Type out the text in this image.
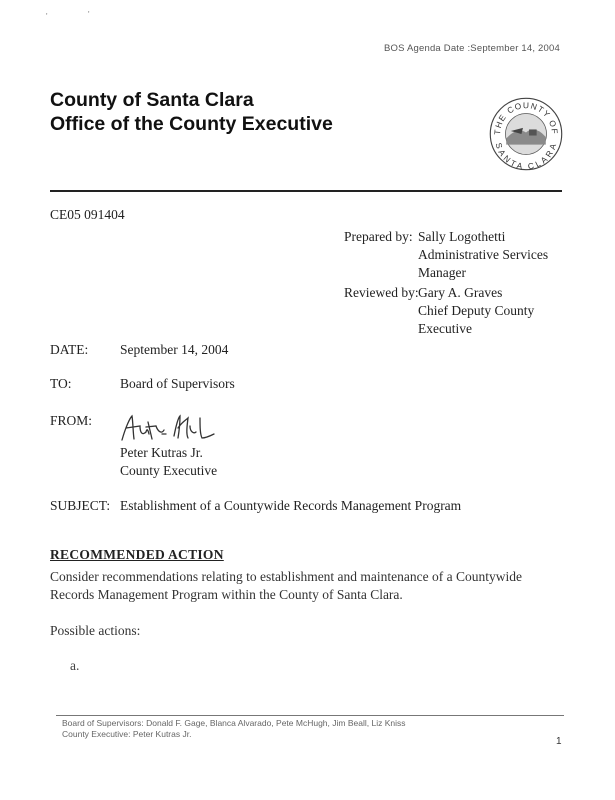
'	'
BOS Agenda Date :September 14, 2004
County of Santa Clara
Office of the County Executive	THE COUNTY OF
SANTA CLARA
CE05 091404
Prepared by: Sally Logothetti
Administrative Services
Manager
Reviewed by: Gary A. Graves
Chief Deputy County
Executive
DATE: September 14, 2004
TO:	Board of Supervisors
FROM:
Peter Kutras Jr.
County Executive
SUBJECT: Establishment of a Countywide Records Management Program
RECOMMENDED ACTION
Consider recommendations relating to establishment and maintenance of a Countywide
Records Management Program within the County of Santa Clara.
Possible actions:
a.
Board of Supervisors: Donald F. Gage, Blanca Alvarado, Pete McHugh, Jim Beall, Liz Kniss
County Executive: Peter Kutras Jr.
1
